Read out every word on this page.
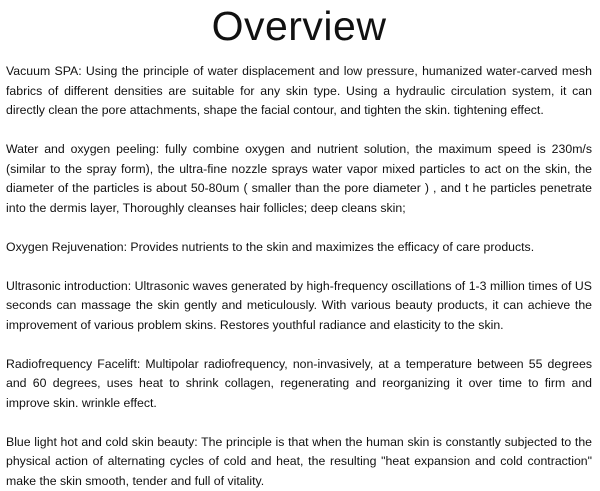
Overview

Vacuum SPA: Using the principle of water displacement and low pressure, humanized water-carved mesh fabrics of different densities are suitable for any skin type. Using a hydraulic circulation system, it can directly clean the pore attachments, shape the facial contour, and tighten the skin. tightening effect.

Water and oxygen peeling: fully combine oxygen and nutrient solution, the maximum speed is 230m/s (similar to the spray form), the ultra-fine nozzle sprays water vapor mixed particles to act on the skin, the diameter of the particles is about 50-80um ( smaller than the pore diameter ) , and t he particles penetrate into the dermis layer, Thoroughly cleanses hair follicles; deep cleans skin;

Oxygen Rejuvenation: Provides nutrients to the skin and maximizes the efficacy of care products.

Ultrasonic introduction: Ultrasonic waves generated by high-frequency oscillations of 1-3 million times of US seconds can massage the skin gently and meticulously. With various beauty products, it can achieve the improvement of various problem skins. Restores youthful radiance and elasticity to the skin.

Radiofrequency Facelift: Multipolar radiofrequency, non-invasively, at a temperature between 55 degrees and 60 degrees, uses heat to shrink collagen, regenerating and reorganizing it over time to firm and improve skin. wrinkle effect.

Blue light hot and cold skin beauty: The principle is that when the human skin is constantly subjected to the physical action of alternating cycles of cold and heat, the resulting "heat expansion and cold contraction" make the skin smooth, tender and full of vitality.
